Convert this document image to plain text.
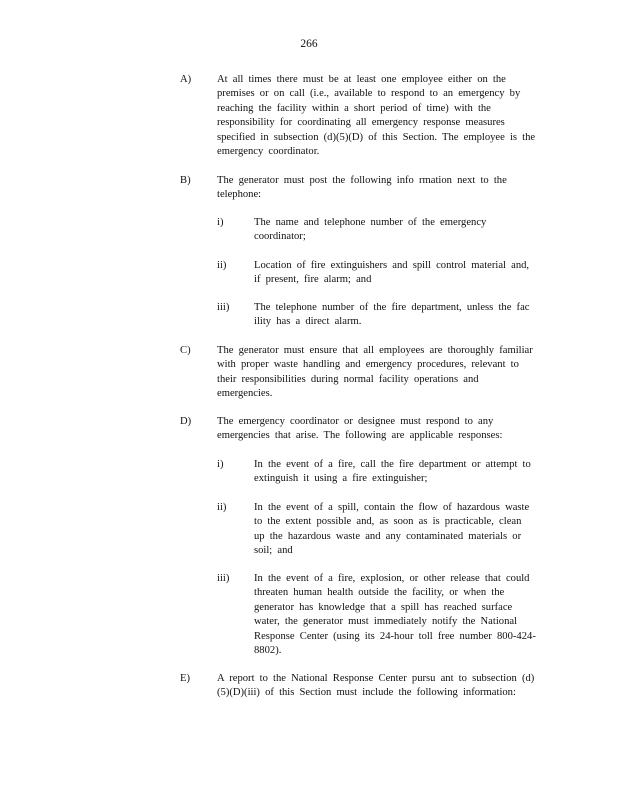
266
A) At all times there must be at least one employee either on the premises or on call (i.e., available to respond to an emergency by reaching the facility within a short period of time) with the responsibility for coordinating all emergency response measures specified in subsection (d)(5)(D) of this Section. The employee is the emergency coordinator.
B) The generator must post the following info rmation next to the telephone:
i)	The name and telephone number of the emergency coordinator;
ii)	Location of fire extinguishers and spill control material and, if present, fire alarm; and
iii) The telephone number of the fire department, unless the fac ility has a direct alarm.
C) The generator must ensure that all employees are thoroughly familiar with proper waste handling and emergency procedures, relevant to their responsibilities during normal facility operations and emergencies.
D) The emergency coordinator or designee must respond to any emergencies that arise. The following are applicable responses:
i)	In the event of a fire, call the fire department or attempt to extinguish it using a fire extinguisher;
ii)	In the event of a spill, contain the flow of hazardous waste to the extent possible and, as soon as is practicable, clean up the hazardous waste and any contaminated materials or soil; and
iii) In the event of a fire, explosion, or other release that could threaten human health outside the facility, or when the generator has knowledge that a spill has reached surface water, the generator must immediately notify the National Response Center (using its 24-hour toll free number 800-424-8802).
E)	A report to the National Response Center pursu ant to subsection (d)(5)(D)(iii) of this Section must include the following information:
